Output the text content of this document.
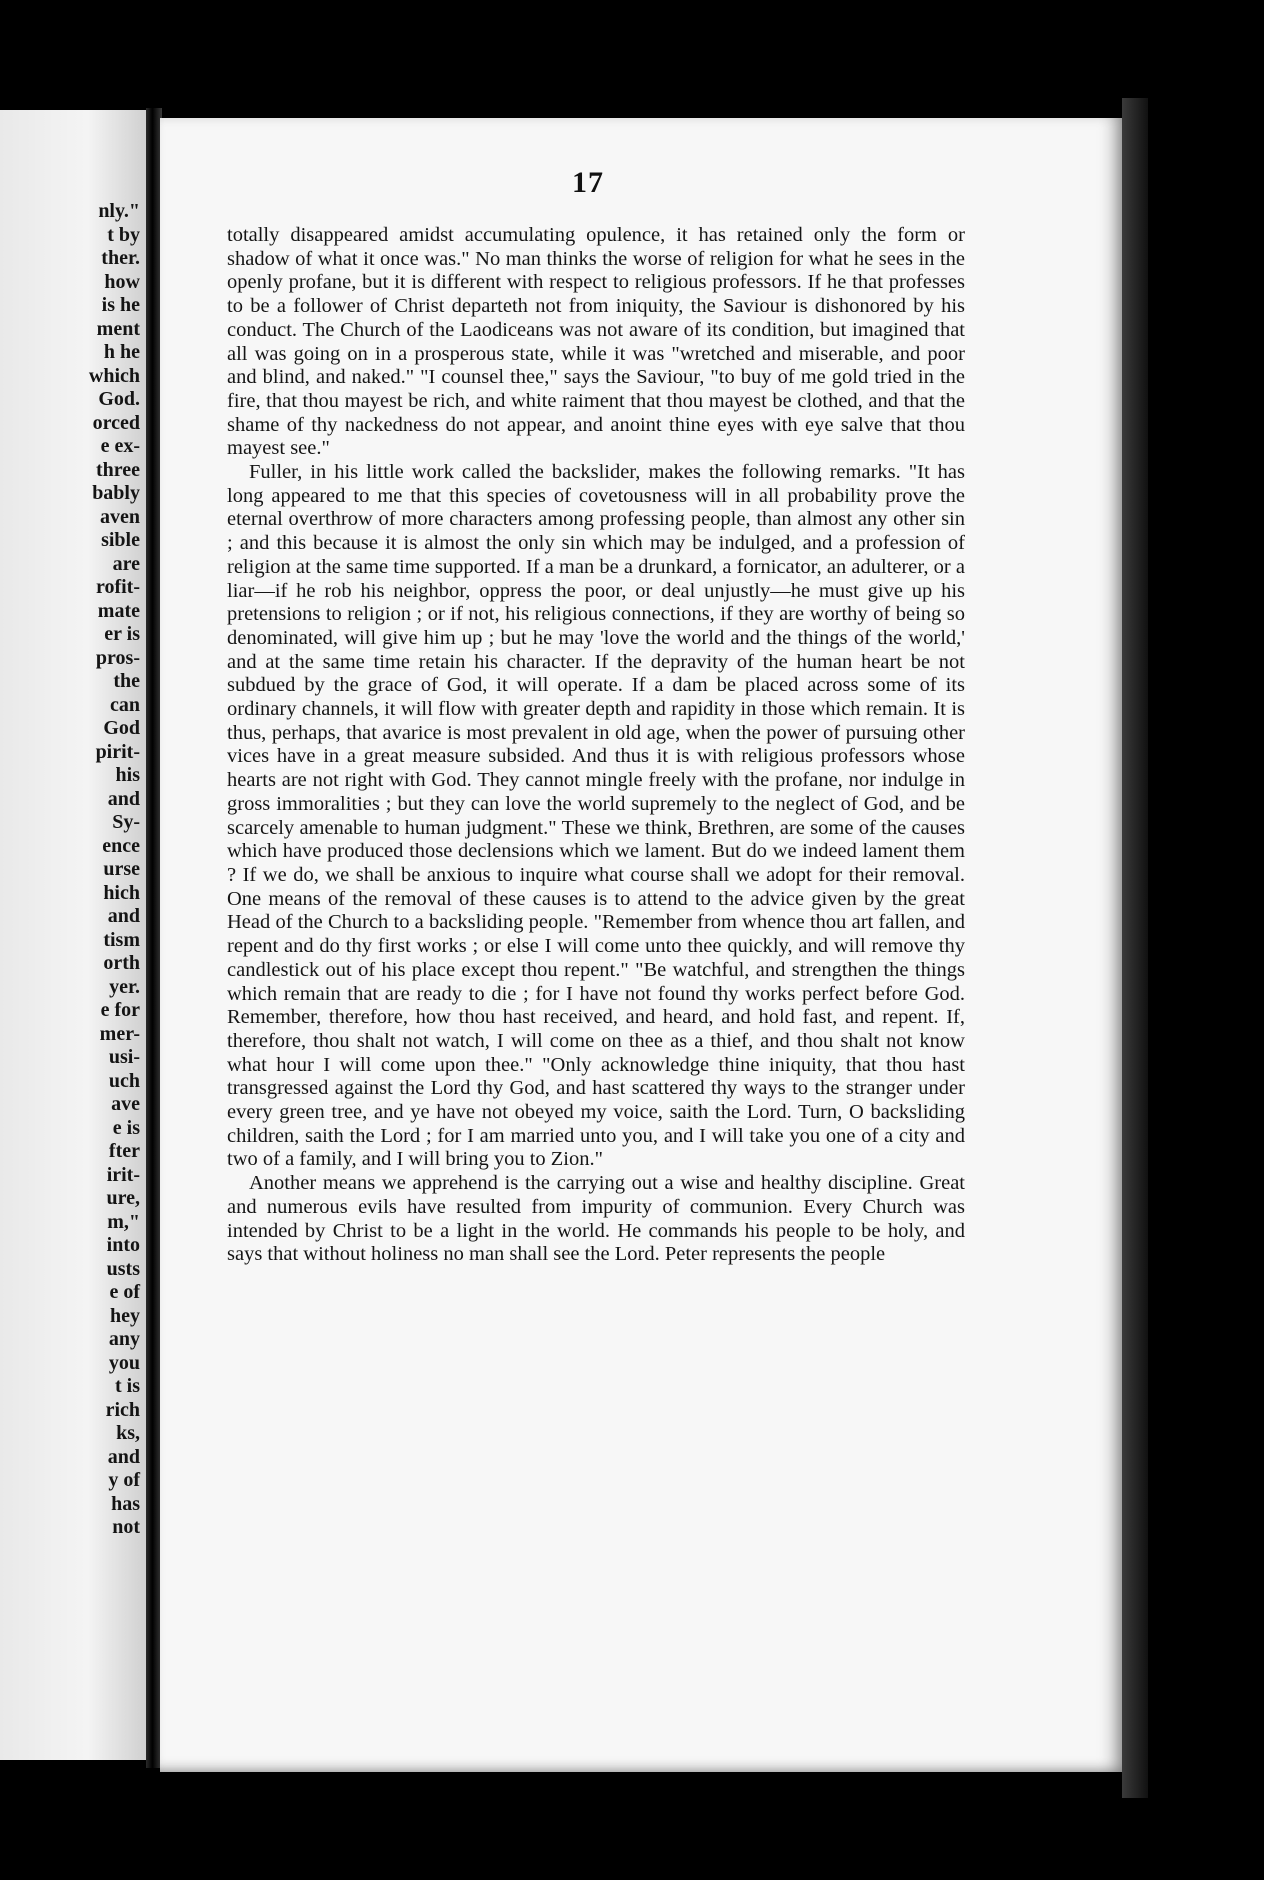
nly."
t by
ther.
how
is he
ment
h he
which
God.
orced
e ex-
three
bably
aven
sible
are
rofit-
mate
er is
pros-
the
can
God
pirit-
his
and
Sy-
ence
urse
hich
and
tism
orth
yer.
e for
mer-
usi-
uch
ave
e is
fter
irit-
ure,
m,"
into
usts
e of
hey
any
you
t is
rich
ks,
and
y of
has
not
17

totally disappeared amidst accumulating opulence, it has retained only the form or shadow of what it once was." No man thinks the worse of religion for what he sees in the openly profane, but it is different with respect to religious professors. If he that professes to be a follower of Christ departeth not from iniquity, the Saviour is dishonored by his conduct. The Church of the Laodiceans was not aware of its condition, but imagined that all was going on in a prosperous state, while it was "wretched and miserable, and poor and blind, and naked." "I counsel thee," says the Saviour, "to buy of me gold tried in the fire, that thou mayest be rich, and white raiment that thou mayest be clothed, and that the shame of thy nackedness do not appear, and anoint thine eyes with eye salve that thou mayest see."

Fuller, in his little work called the backslider, makes the following remarks. "It has long appeared to me that this species of covetousness will in all probability prove the eternal overthrow of more characters among professing people, than almost any other sin ; and this because it is almost the only sin which may be indulged, and a profession of religion at the same time supported. If a man be a drunkard, a fornicator, an adulterer, or a liar—if he rob his neighbor, oppress the poor, or deal unjustly—he must give up his pretensions to religion ; or if not, his religious connections, if they are worthy of being so denominated, will give him up ; but he may 'love the world and the things of the world,' and at the same time retain his character. If the depravity of the human heart be not subdued by the grace of God, it will operate. If a dam be placed across some of its ordinary channels, it will flow with greater depth and rapidity in those which remain. It is thus, perhaps, that avarice is most prevalent in old age, when the power of pursuing other vices have in a great measure subsided. And thus it is with religious professors whose hearts are not right with God. They cannot mingle freely with the profane, nor indulge in gross immoralities ; but they can love the world supremely to the neglect of God, and be scarcely amenable to human judgment." These we think, Brethren, are some of the causes which have produced those declensions which we lament. But do we indeed lament them ? If we do, we shall be anxious to inquire what course shall we adopt for their removal. One means of the removal of these causes is to attend to the advice given by the great Head of the Church to a backsliding people. "Remember from whence thou art fallen, and repent and do thy first works ; or else I will come unto thee quickly, and will remove thy candlestick out of his place except thou repent." "Be watchful, and strengthen the things which remain that are ready to die ; for I have not found thy works perfect before God. Remember, therefore, how thou hast received, and heard, and hold fast, and repent. If, therefore, thou shalt not watch, I will come on thee as a thief, and thou shalt not know what hour I will come upon thee." "Only acknowledge thine iniquity, that thou hast transgressed against the Lord thy God, and hast scattered thy ways to the stranger under every green tree, and ye have not obeyed my voice, saith the Lord. Turn, O backsliding children, saith the Lord ; for I am married unto you, and I will take you one of a city and two of a family, and I will bring you to Zion."

Another means we apprehend is the carrying out a wise and healthy discipline. Great and numerous evils have resulted from impurity of communion. Every Church was intended by Christ to be a light in the world. He commands his people to be holy, and says that without holiness no man shall see the Lord. Peter represents the people
